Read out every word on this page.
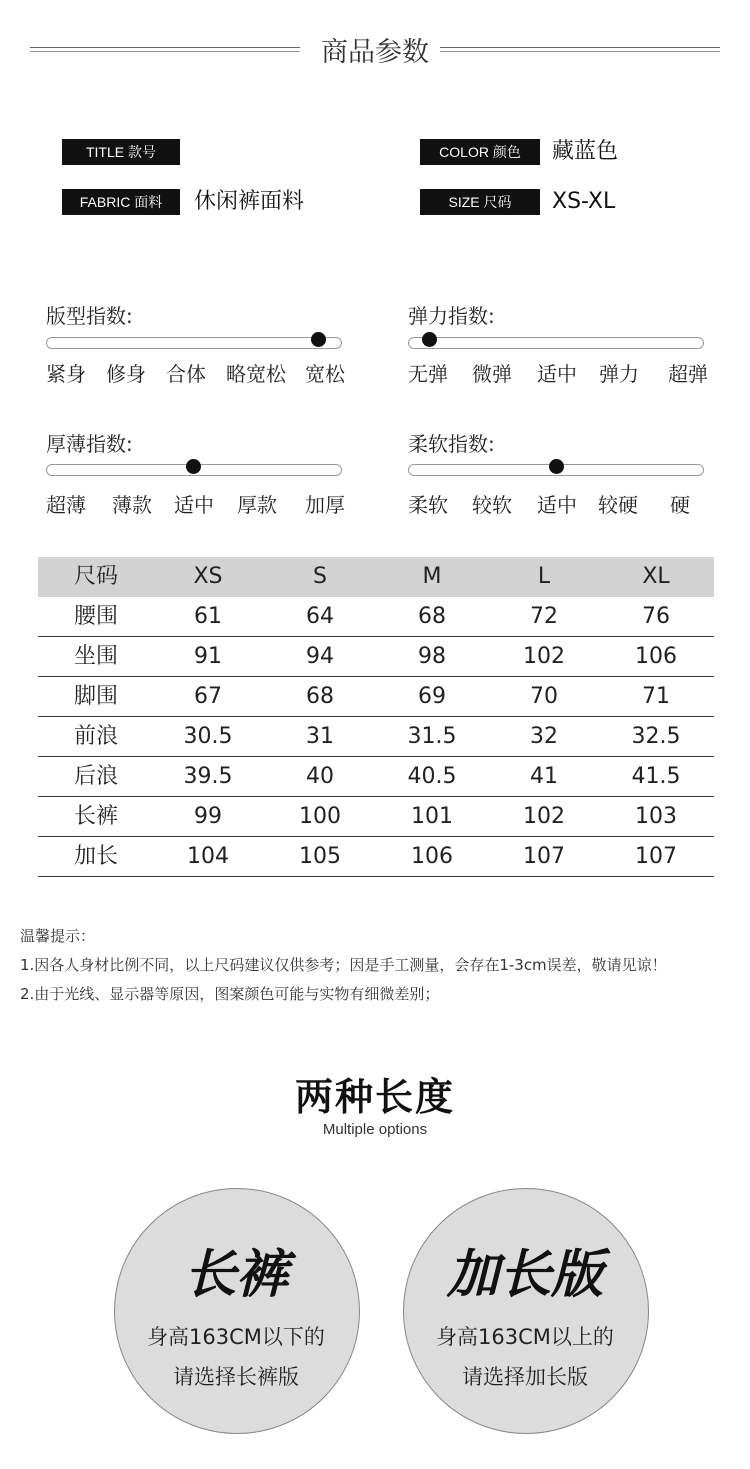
商品参数
TITLE 款号	COLOR 颜色	藏蓝色
FABRIC 面料	休闲裤面料	SIZE 尺码	XS-XL
版型指数:
紧身 修身 合体 略宽松 宽松
弹力指数:
无弹 微弹 适中 弹力 超弹
厚薄指数:
超薄 薄款 适中 厚款 加厚
柔软指数:
柔软 较软 适中 较硬 硬
尺码	XS	S	M	L	XL
腰围	61	64	68	72	76
坐围	91	94	98	102	106
脚围	67	68	69	70	71
前浪	30.5	31	31.5	32	32.5
后浪	39.5	40	40.5	41	41.5
长裤	99	100	101	102	103
加长	104	105	106	107	107
温馨提示：
1.因各人身材比例不同，以上尺码建议仅供参考；因是手工测量，会存在1-3cm误差，敬请见谅！
2.由于光线、显示器等原因，图案颜色可能与实物有细微差别；
两种长度
Multiple options
长裤
身高163CM以下的
请选择长裤版
加长版
身高163CM以上的
请选择加长版
